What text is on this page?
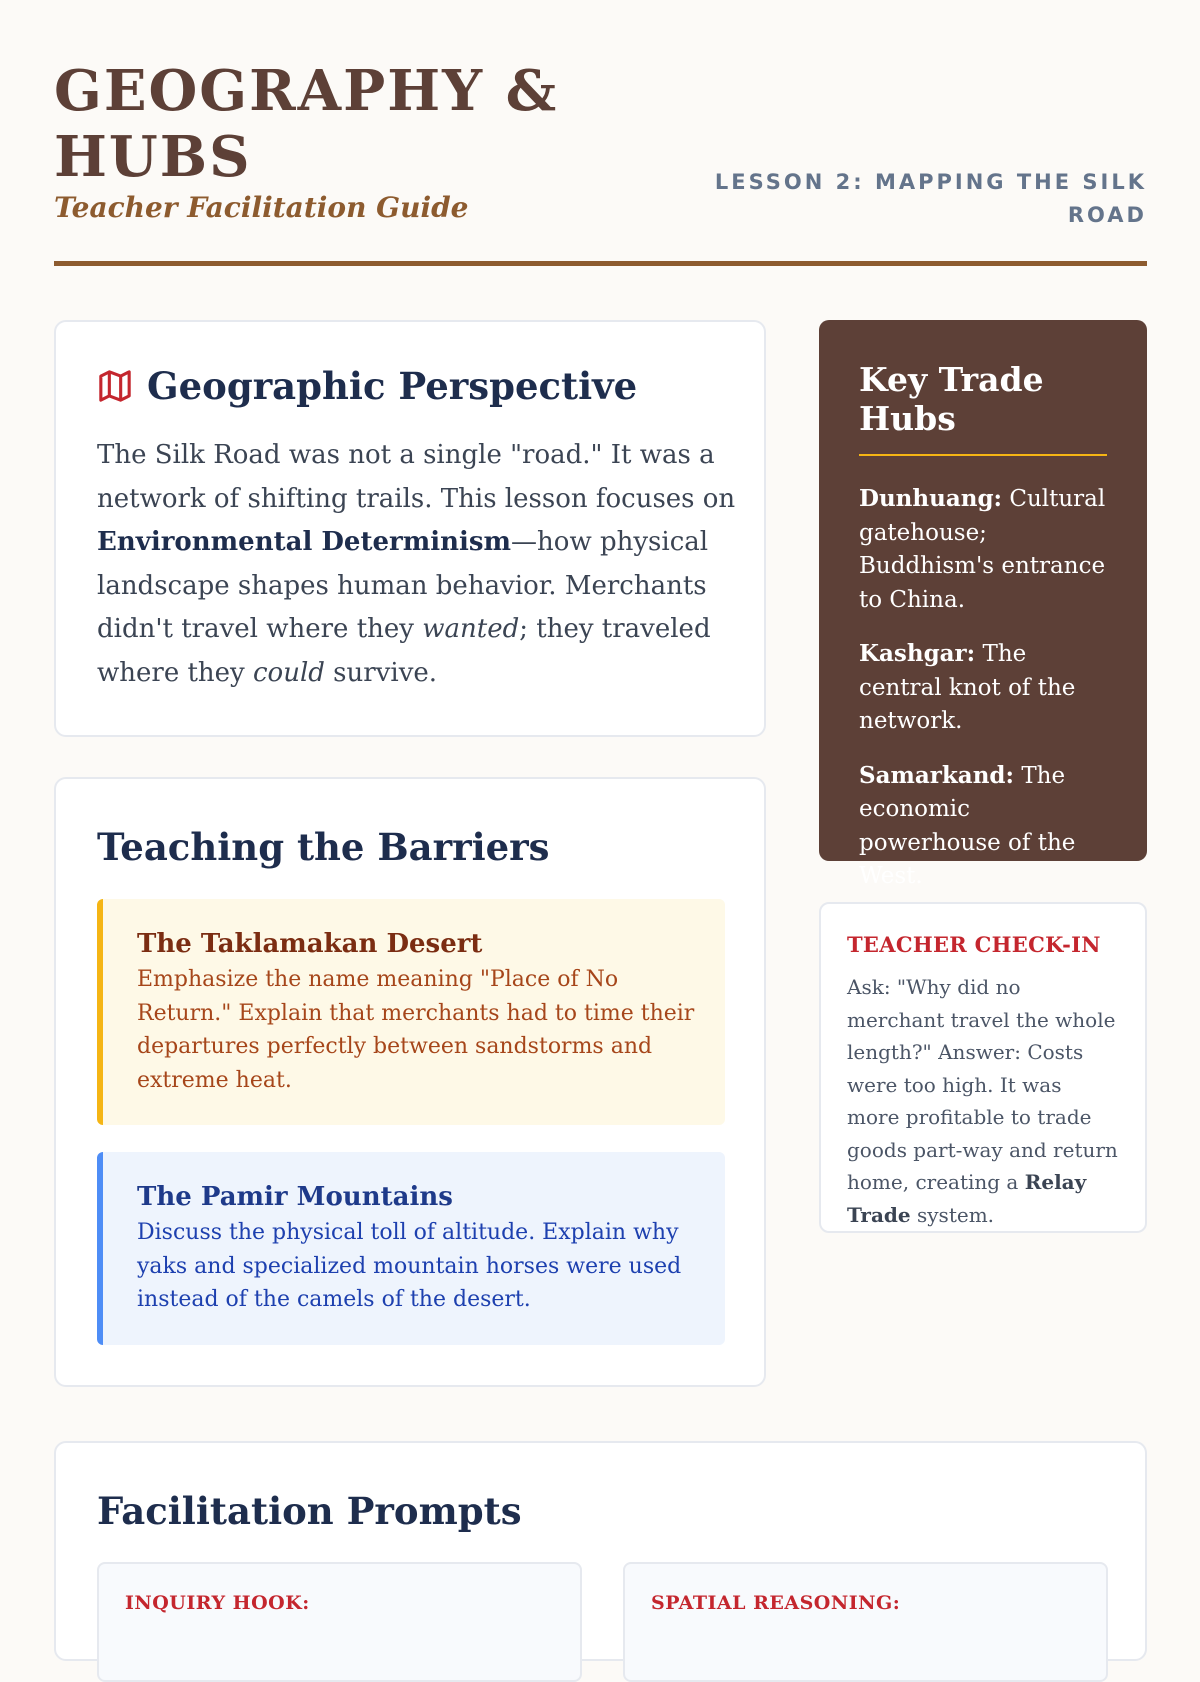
GEOGRAPHY & HUBS
Teacher Facilitation Guide
LESSON 2: MAPPING THE SILK ROAD
Geographic Perspective

The Silk Road was not a single "road." It was a network of shifting trails. This lesson focuses on Environmental Determinism—how physical landscape shapes human behavior. Merchants didn't travel where they wanted; they traveled where they could survive.

Teaching the Barriers
The Taklamakan Desert

Emphasize the name meaning "Place of No Return." Explain that merchants had to time their departures perfectly between sandstorms and extreme heat.

The Pamir Mountains

Discuss the physical toll of altitude. Explain why yaks and specialized mountain horses were used instead of the camels of the desert.

Key Trade Hubs

Dunhuang: Cultural gatehouse; Buddhism's entrance to China.

Kashgar: The central knot of the network.

Samarkand: The economic powerhouse of the West.

TEACHER CHECK-IN

Ask: "Why did no merchant travel the whole length?" Answer: Costs were too high. It was more profitable to trade goods part-way and return home, creating a Relay Trade system.

Facilitation Prompts
INQUIRY HOOK:	SPATIAL REASONING:
